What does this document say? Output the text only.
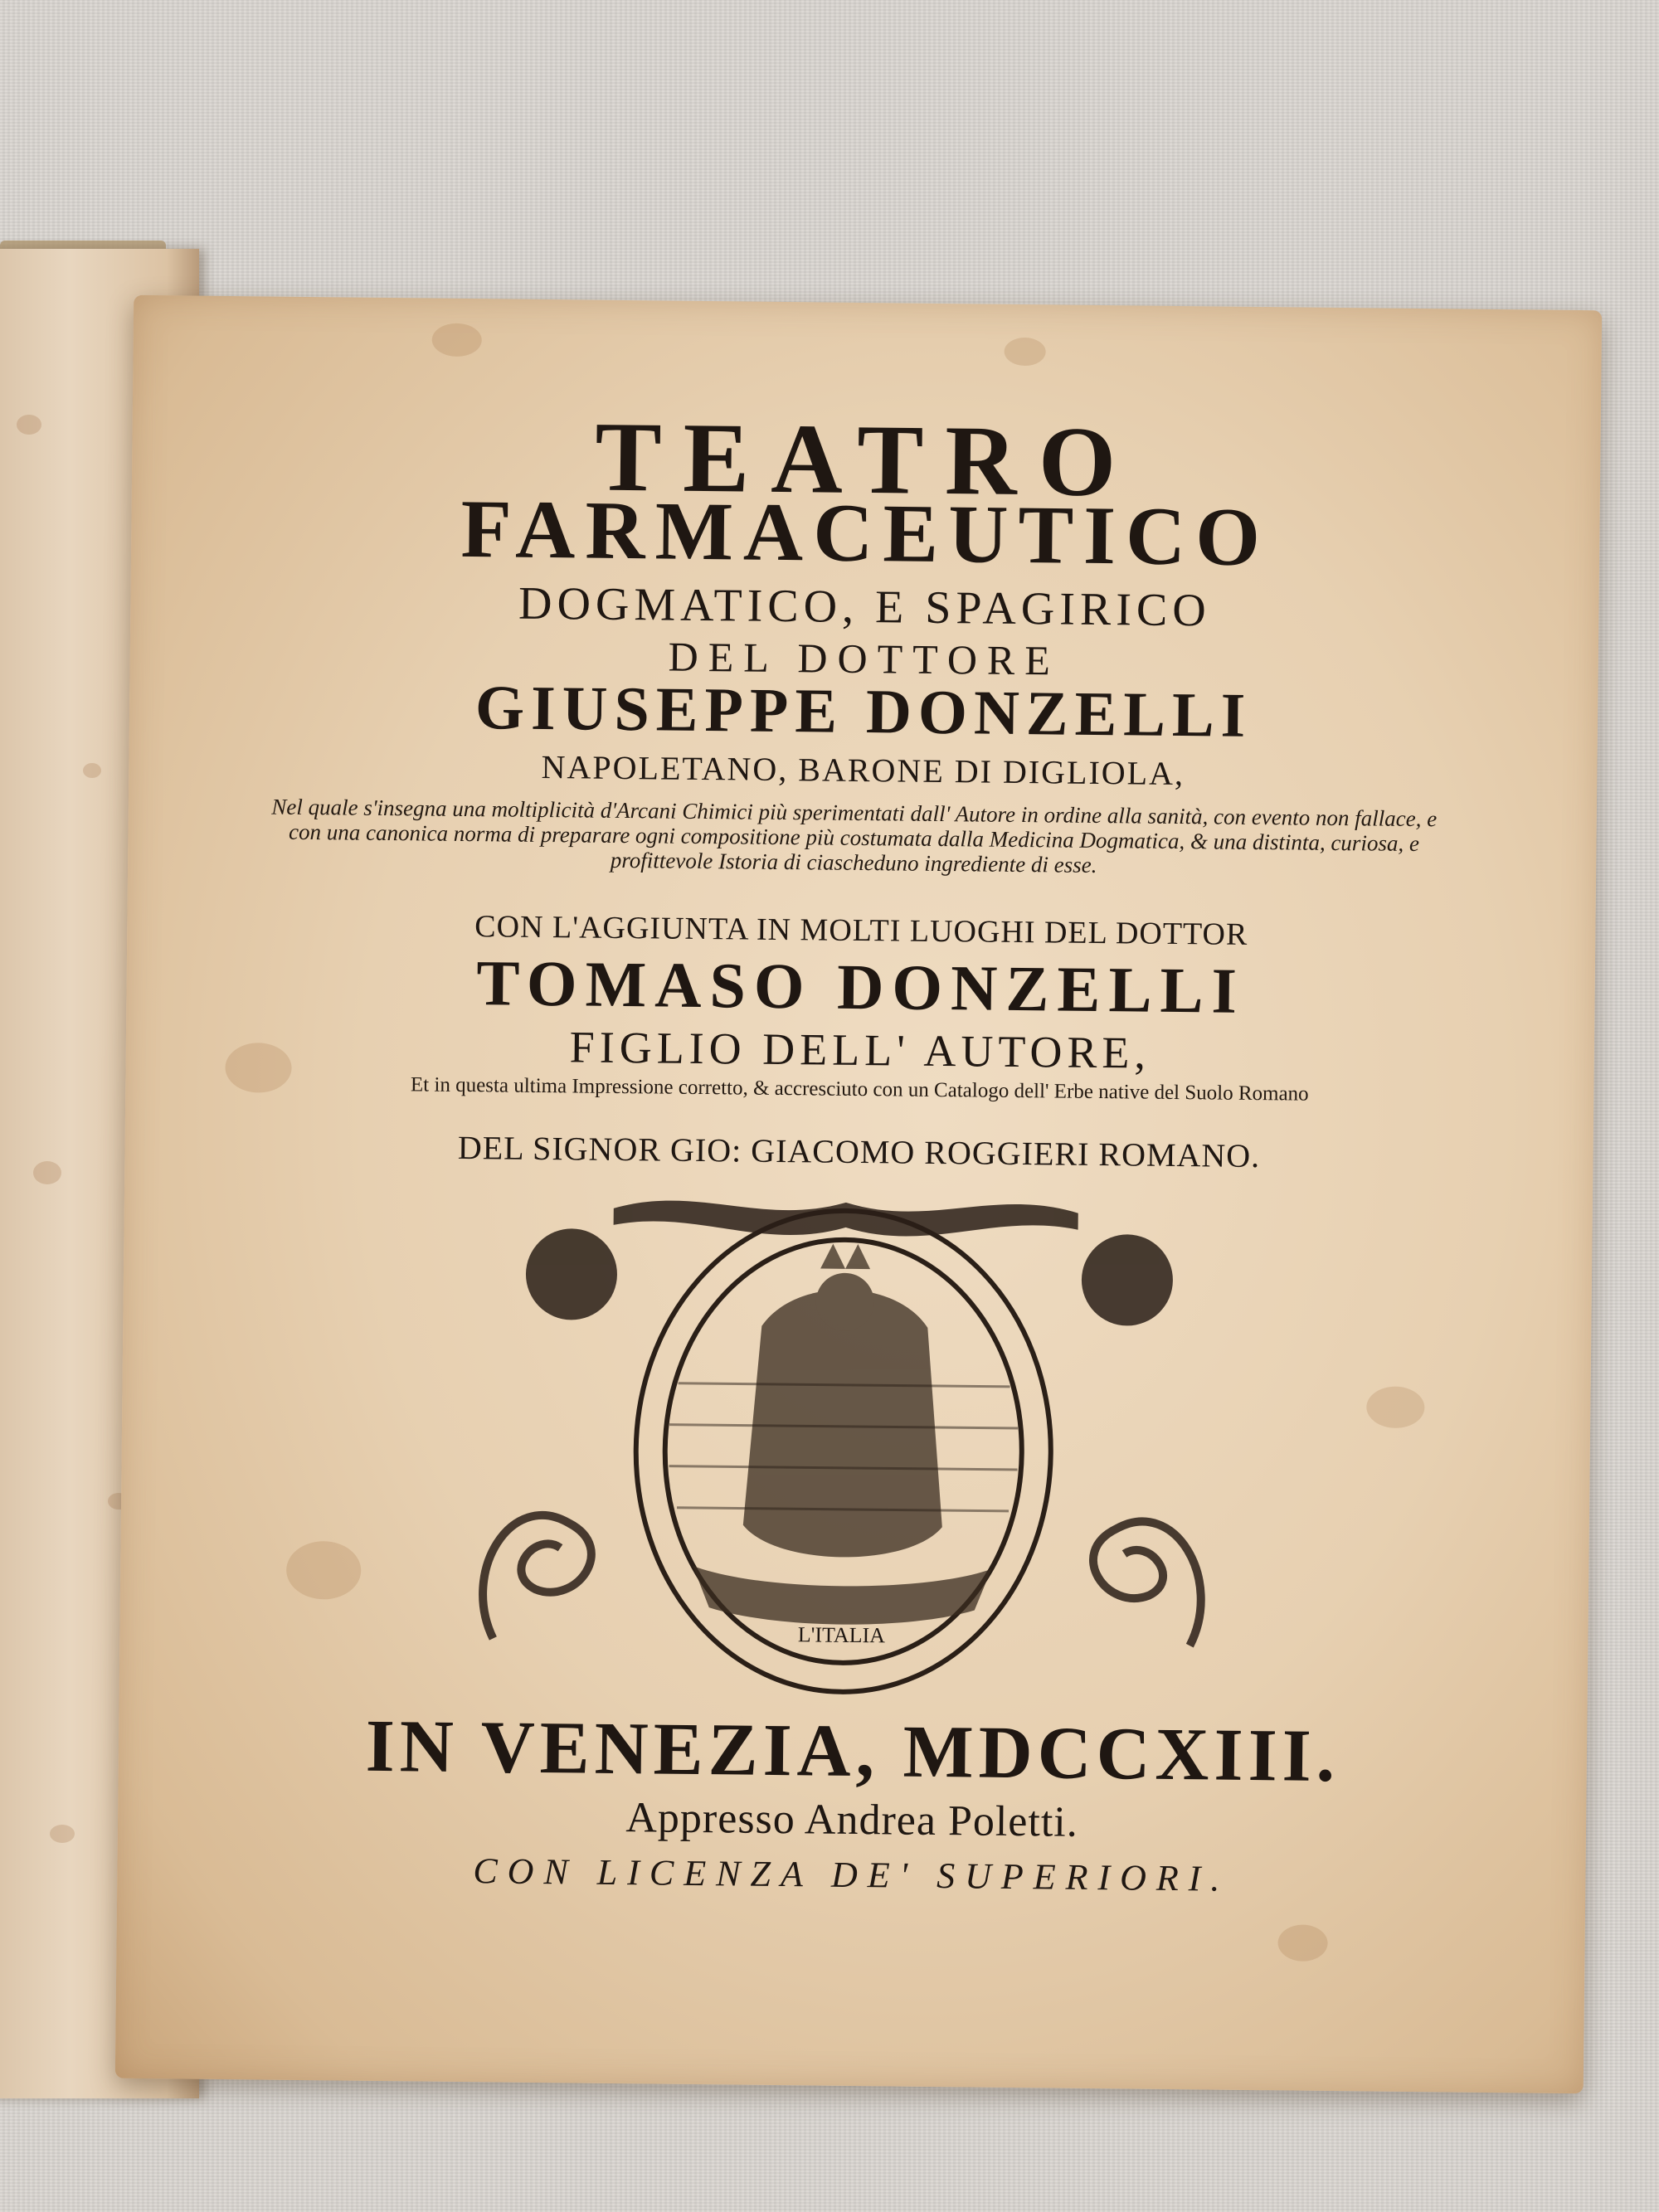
TEATRO
FARMACEUTICO
DOGMATICO, E SPAGIRICO
DEL DOTTORE
GIUSEPPE DONZELLI
NAPOLETANO, BARONE DI DIGLIOLA,
Nel quale s'insegna una moltiplicità d'Arcani Chimici più sperimentati dall' Autore in ordine alla sanità, con evento non fallace, e con una canonica norma di preparare ogni compositione più costumata dalla Medicina Dogmatica, & una distinta, curiosa, e profittevole Istoria di ciascheduno ingrediente di esse.
CON L'AGGIUNTA IN MOLTI LUOGHI DEL DOTTOR
TOMASO DONZELLI
FIGLIO DELL' AUTORE,
Et in questa ultima Impressione corretto, & accresciuto con un Catalogo dell' Erbe native del Suolo Romano
DEL SIGNOR GIO: GIACOMO ROGGIERI ROMANO.
L'ITALIA
IN VENEZIA, MDCCXIII.
Appresso Andrea Poletti.
CON LICENZA DE' SUPERIORI.
